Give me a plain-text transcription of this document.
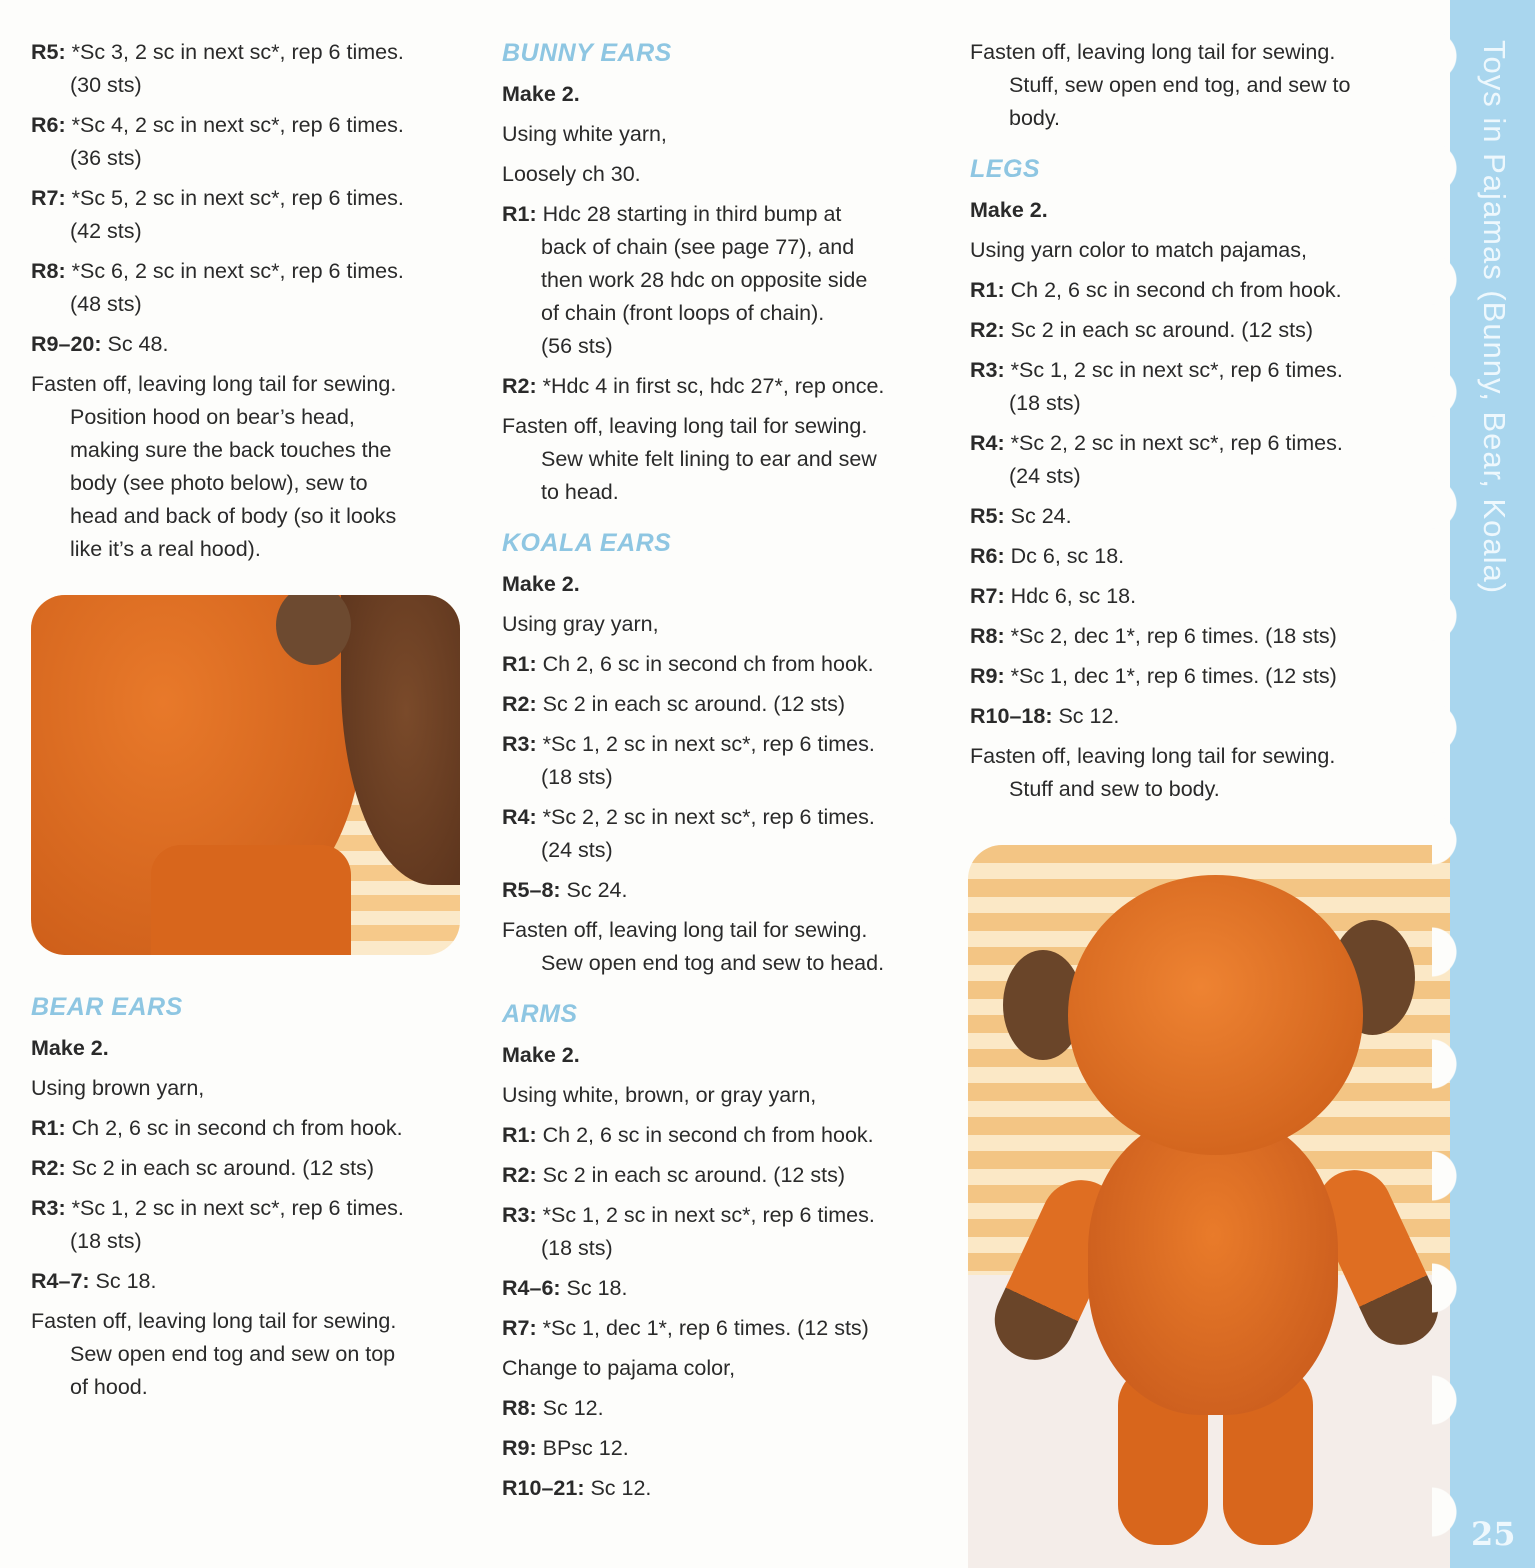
R5: *Sc 3, 2 sc in next sc*, rep 6 times.
(30 sts)
R6: *Sc 4, 2 sc in next sc*, rep 6 times.
(36 sts)
R7: *Sc 5, 2 sc in next sc*, rep 6 times.
(42 sts)
R8: *Sc 6, 2 sc in next sc*, rep 6 times.
(48 sts)
R9–20: Sc 48.
Fasten off, leaving long tail for sewing.
Position hood on bear’s head,
making sure the back touches the
body (see photo below), sew to
head and back of body (so it looks
like it’s a real hood).
BEAR EARS
Make 2.
Using brown yarn,
R1: Ch 2, 6 sc in second ch from hook.
R2: Sc 2 in each sc around. (12 sts)
R3: *Sc 1, 2 sc in next sc*, rep 6 times.
(18 sts)
R4–7: Sc 18.
Fasten off, leaving long tail for sewing.
Sew open end tog and sew on top
of hood.
BUNNY EARS
Make 2.
Using white yarn,
Loosely ch 30.
R1: Hdc 28 starting in third bump at
back of chain (see page 77), and
then work 28 hdc on opposite side
of chain (front loops of chain).
(56 sts)
R2: *Hdc 4 in first sc, hdc 27*, rep once.
Fasten off, leaving long tail for sewing.
Sew white felt lining to ear and sew
to head.
KOALA EARS
Make 2.
Using gray yarn,
R1: Ch 2, 6 sc in second ch from hook.
R2: Sc 2 in each sc around. (12 sts)
R3: *Sc 1, 2 sc in next sc*, rep 6 times.
(18 sts)
R4: *Sc 2, 2 sc in next sc*, rep 6 times.
(24 sts)
R5–8: Sc 24.
Fasten off, leaving long tail for sewing.
Sew open end tog and sew to head.
ARMS
Make 2.
Using white, brown, or gray yarn,
R1: Ch 2, 6 sc in second ch from hook.
R2: Sc 2 in each sc around. (12 sts)
R3: *Sc 1, 2 sc in next sc*, rep 6 times.
(18 sts)
R4–6: Sc 18.
R7: *Sc 1, dec 1*, rep 6 times. (12 sts)
Change to pajama color,
R8: Sc 12.
R9: BPsc 12.
R10–21: Sc 12.
Fasten off, leaving long tail for sewing.
Stuff, sew open end tog, and sew to
body.
LEGS
Make 2.
Using yarn color to match pajamas,
R1: Ch 2, 6 sc in second ch from hook.
R2: Sc 2 in each sc around. (12 sts)
R3: *Sc 1, 2 sc in next sc*, rep 6 times.
(18 sts)
R4: *Sc 2, 2 sc in next sc*, rep 6 times.
(24 sts)
R5: Sc 24.
R6: Dc 6, sc 18.
R7: Hdc 6, sc 18.
R8: *Sc 2, dec 1*, rep 6 times. (18 sts)
R9: *Sc 1, dec 1*, rep 6 times. (12 sts)
R10–18: Sc 12.
Fasten off, leaving long tail for sewing.
Stuff and sew to body.
Toys in Pajamas (Bunny, Bear, Koala)
25
